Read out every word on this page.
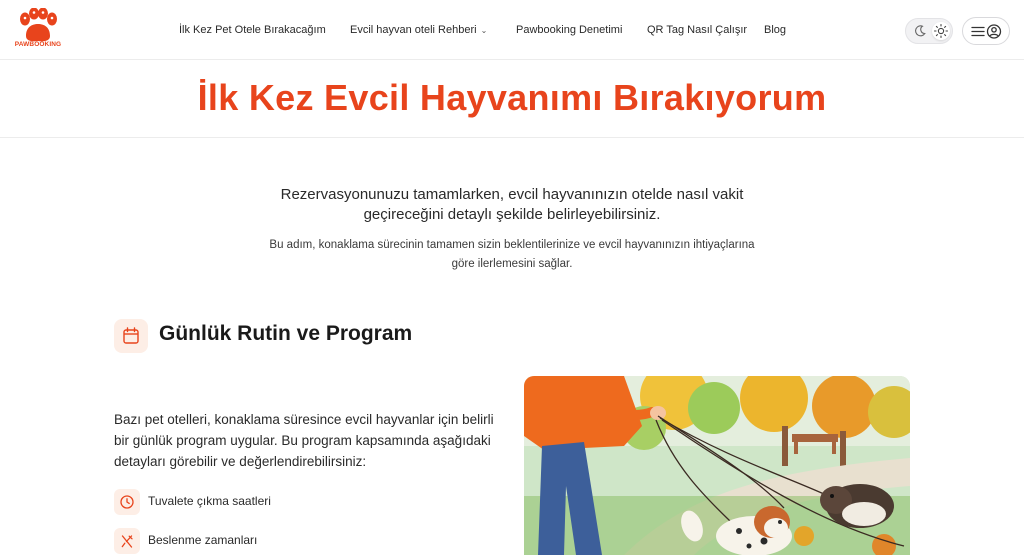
PAWBOOKING
İlk Kez Pet Otele Bırakacağım Evcil hayvan oteli Rehberi ⌄	Pawbooking Denetimi QR Tag Nasıl Çalışır Blog
İlk Kez Evcil Hayvanımı Bırakıyorum

Rezervasyonunuzu tamamlarken, evcil hayvanınızın otelde nasıl vakit geçireceğini detaylı şekilde belirleyebilirsiniz.

Bu adım, konaklama sürecinin tamamen sizin beklentilerinize ve evcil hayvanınızın ihtiyaçlarına göre ilerlemesini sağlar.

Günlük Rutin ve Program

Bazı pet otelleri, konaklama süresince evcil hayvanlar için belirli bir günlük program uygular. Bu program kapsamında aşağıdaki detayları görebilir ve değerlendirebilirsiniz:

Tuvalete çıkma saatleri
Beslenme zamanları
